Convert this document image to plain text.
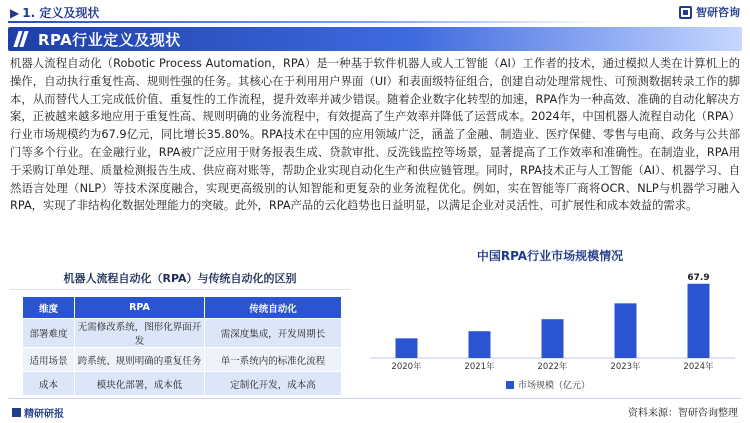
▶ 1. 定义及现状	智研咨询
RPA行业定义及现状
机器人流程自动化（Robotic Process Automation，RPA）是一种基于软件机器人或人工智能（AI）工作者的技术，通过模拟人类在计算机上的操作，自动执行重复性高、规则性强的任务。其核心在于利用用户界面（UI）和表面级特征组合，创建自动处理常规性、可预测数据转录工作的脚本，从而替代人工完成低价值、重复性的工作流程，提升效率并减少错误。随着企业数字化转型的加速，RPA作为一种高效、准确的自动化解决方案，正被越来越多地应用于重复性高、规则明确的业务流程中，有效提高了生产效率并降低了运营成本。2024年，中国机器人流程自动化（RPA）行业市场规模约为67.9亿元，同比增长35.80%。RPA技术在中国的应用领域广泛，涵盖了金融、制造业、医疗保健、零售与电商、政务与公共部门等多个行业。在金融行业，RPA被广泛应用于财务报表生成、贷款审批、反洗钱监控等场景，显著提高了工作效率和准确性。在制造业，RPA用于采购订单处理、质量检测报告生成、供应商对账等，帮助企业实现自动化生产和供应链管理。同时，RPA技术正与人工智能（AI）、机器学习、自然语言处理（NLP）等技术深度融合，实现更高级别的认知智能和更复杂的业务流程优化。例如，实在智能等厂商将OCR、NLP与机器学习融入RPA，实现了非结构化数据处理能力的突破。此外，RPA产品的云化趋势也日益明显，以满足企业对灵活性、可扩展性和成本效益的需求。
机器人流程自动化（RPA）与传统自动化的区别
维度	RPA	传统自动化
部署难度	无需修改系统，图形化界面开发	需深度集成，开发周期长
适用场景	跨系统、规则明确的重复任务	单一系统内的标准化流程
成本	模块化部署，成本低	定制化开发，成本高
中国RPA行业市场规模情况
2020年	2021年	2022年	2023年	2024年
67.9
市场规模（亿元）
精研研报	资料来源：智研咨询整理
